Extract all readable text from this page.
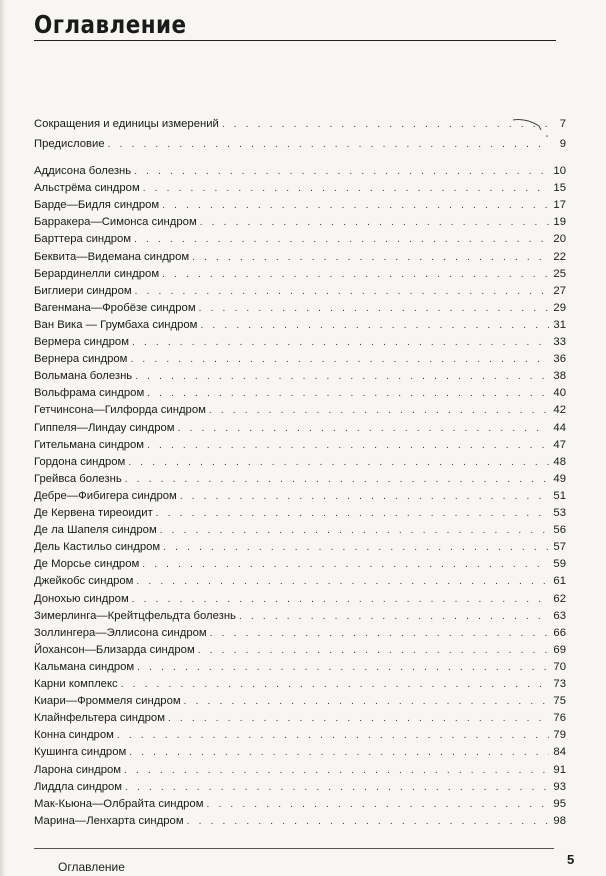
Оглавление
Сокращения и единицы измерений . . .	7
Предисловие . . .	9
Аддисона болезнь . . .	10
Альстрёма синдром . . .	15
Барде—Бидля синдром . . .	17
Барракера—Симонса синдром . . .	19
Барттера синдром . . .	20
Беквита—Видемана синдром . . .	22
Берардинелли синдром . . .	25
Биглиери синдром . . .	27
Вагенмана—Фробёзе синдром . . .	29
Ван Вика — Грумбаха синдром . . .	31
Вермера синдром . . .	33
Вернера синдром . . .	36
Вольмана болезнь . . .	38
Вольфрама синдром . . .	40
Гетчинсона—Гилфорда синдром . . .	42
Гиппеля—Линдау синдром . . .	44
Гительмана синдром . . .	47
Гордона синдром . . .	48
Грейвса болезнь . . .	49
Дебре—Фибигера синдром . . .	51
Де Кервена тиреоидит . . .	53
Де ла Шапеля синдром . . .	56
Дель Кастильо синдром . . .	57
Де Морсье синдром . . .	59
Джейкобс синдром . . .	61
Донохью синдром . . .	62
Зимерлинга—Крейтцфельдта болезнь . . .	63
Золлингера—Эллисона синдром . . .	66
Йохансон—Близарда синдром . . .	69
Кальмана синдром . . .	70
Карни комплекс . . .	73
Киари—Фроммеля синдром . . .	75
Клайнфельтера синдром . . .	76
Конна синдром . . .	79
Кушинга синдром . . .	84
Ларона синдром . . .	91
Лиддла синдром . . .	93
Мак-Кьюна—Олбрайта синдром . . .	95
Марина—Ленхарта синдром . . .	98
Оглавление	5
